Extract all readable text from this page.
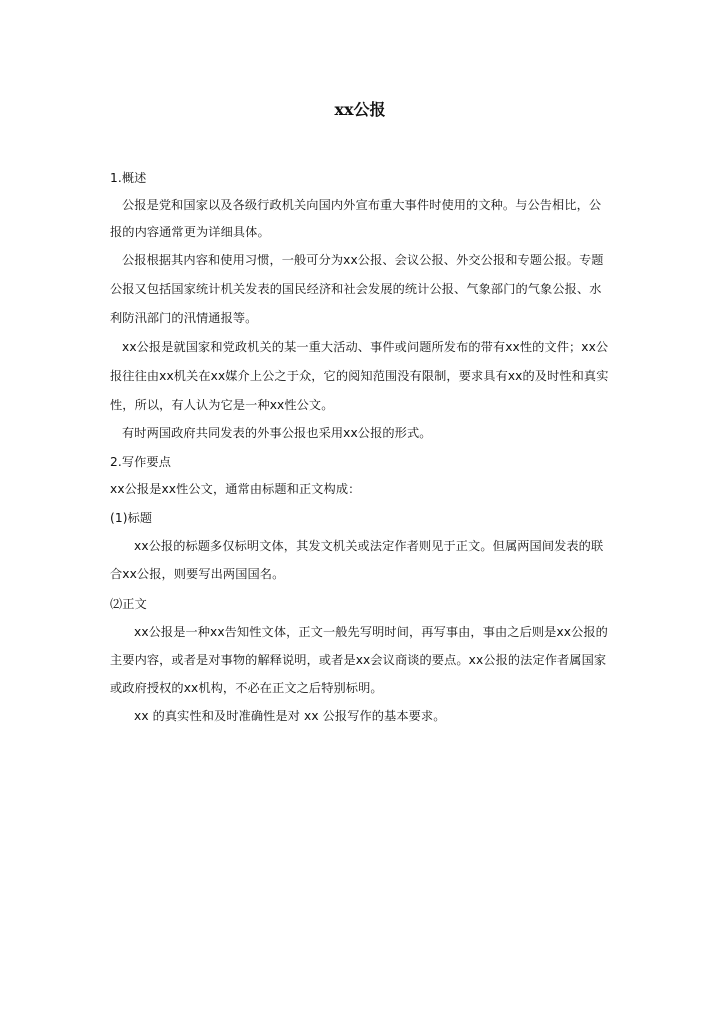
xx公报
1.概述
公报是党和国家以及各级行政机关向国内外宣布重大事件时使用的文种。与公告相比，公
报的内容通常更为详细具体。
公报根据其内容和使用习惯，一般可分为xx公报、会议公报、外交公报和专题公报。专题
公报又包括国家统计机关发表的国民经济和社会发展的统计公报、气象部门的气象公报、水
利防汛部门的汛情通报等。
xx公报是就国家和党政机关的某一重大活动、事件或问题所发布的带有xx性的文件；xx公
报往往由xx机关在xx媒介上公之于众，它的阅知范围没有限制，要求具有xx的及时性和真实
性，所以，有人认为它是一种xx性公文。
有时两国政府共同发表的外事公报也采用xx公报的形式。
2.写作要点
xx公报是xx性公文，通常由标题和正文构成：
(1)标题
xx公报的标题多仅标明文体，其发文机关或法定作者则见于正文。但属两国间发表的联
合xx公报，则要写出两国国名。
⑵正文
xx公报是一种xx告知性文体，正文一般先写明时间，再写事由，事由之后则是xx公报的
主要内容，或者是对事物的解释说明，或者是xx会议商谈的要点。xx公报的法定作者属国家
或政府授权的xx机构，不必在正文之后特别标明。
xx 的真实性和及时准确性是对 xx 公报写作的基本要求。
